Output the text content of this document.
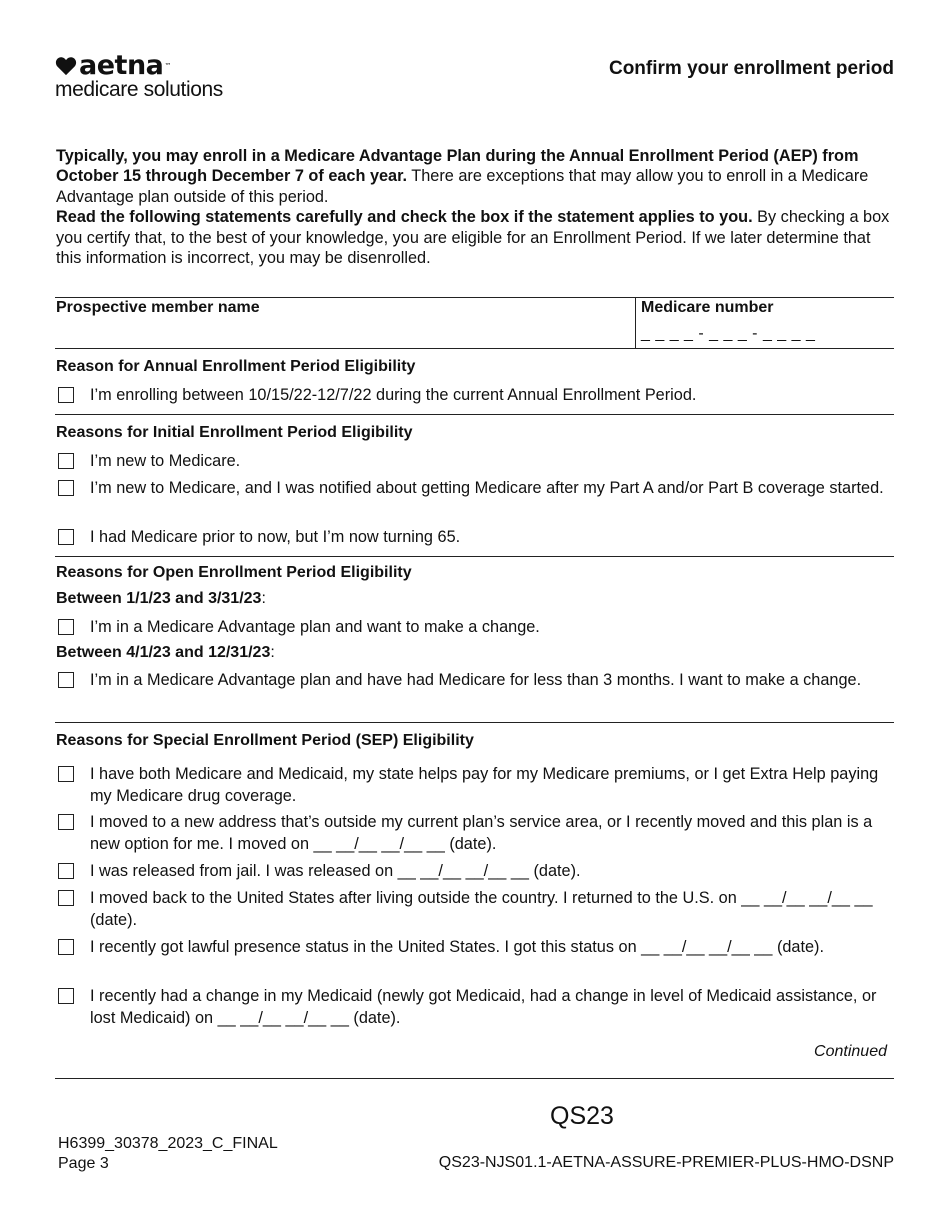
aetna ™
medicare solutions
Confirm your enrollment period

Typically, you may enroll in a Medicare Advantage Plan during the Annual Enrollment Period (AEP) from October 15 through December 7 of each year. There are exceptions that may allow you to enroll in a Medicare Advantage plan outside of this period.

Read the following statements carefully and check the box if the statement applies to you. By checking a box you certify that, to the best of your knowledge, you are eligible for an Enrollment Period. If we later determine that this information is incorrect, you may be disenrolled.

Prospective member name	Medicare number
_ _ _ _ - _ _ _ - _ _ _ _
Reason for Annual Enrollment Period Eligibility
I’m enrolling between 10/15/22-12/7/22 during the current Annual Enrollment Period.
Reasons for Initial Enrollment Period Eligibility
I’m new to Medicare.
I’m new to Medicare, and I was notified about getting Medicare after my Part A and/or Part B coverage started.
I had Medicare prior to now, but I’m now turning 65.
Reasons for Open Enrollment Period Eligibility
Between 1/1/23 and 3/31/23:
I’m in a Medicare Advantage plan and want to make a change.
Between 4/1/23 and 12/31/23:
I’m in a Medicare Advantage plan and have had Medicare for less than 3 months. I want to make a change.
Reasons for Special Enrollment Period (SEP) Eligibility
I have both Medicare and Medicaid, my state helps pay for my Medicare premiums, or I get Extra Help paying my Medicare drug coverage.
I moved to a new address that’s outside my current plan’s service area, or I recently moved and this plan is a new option for me. I moved on __ __/__ __/__ __ (date).
I was released from jail. I was released on __ __/__ __/__ __ (date).
I moved back to the United States after living outside the country. I returned to the U.S. on __ __/__ __/__ __ (date).
I recently got lawful presence status in the United States. I got this status on __ __/__ __/__ __ (date).
I recently had a change in my Medicaid (newly got Medicaid, had a change in level of Medicaid assistance, or lost Medicaid) on __ __/__ __/__ __ (date).
Continued
QS23
H6399_30378_2023_C_FINAL
Page 3	QS23-NJS01.1-AETNA-ASSURE-PREMIER-PLUS-HMO-DSNP
